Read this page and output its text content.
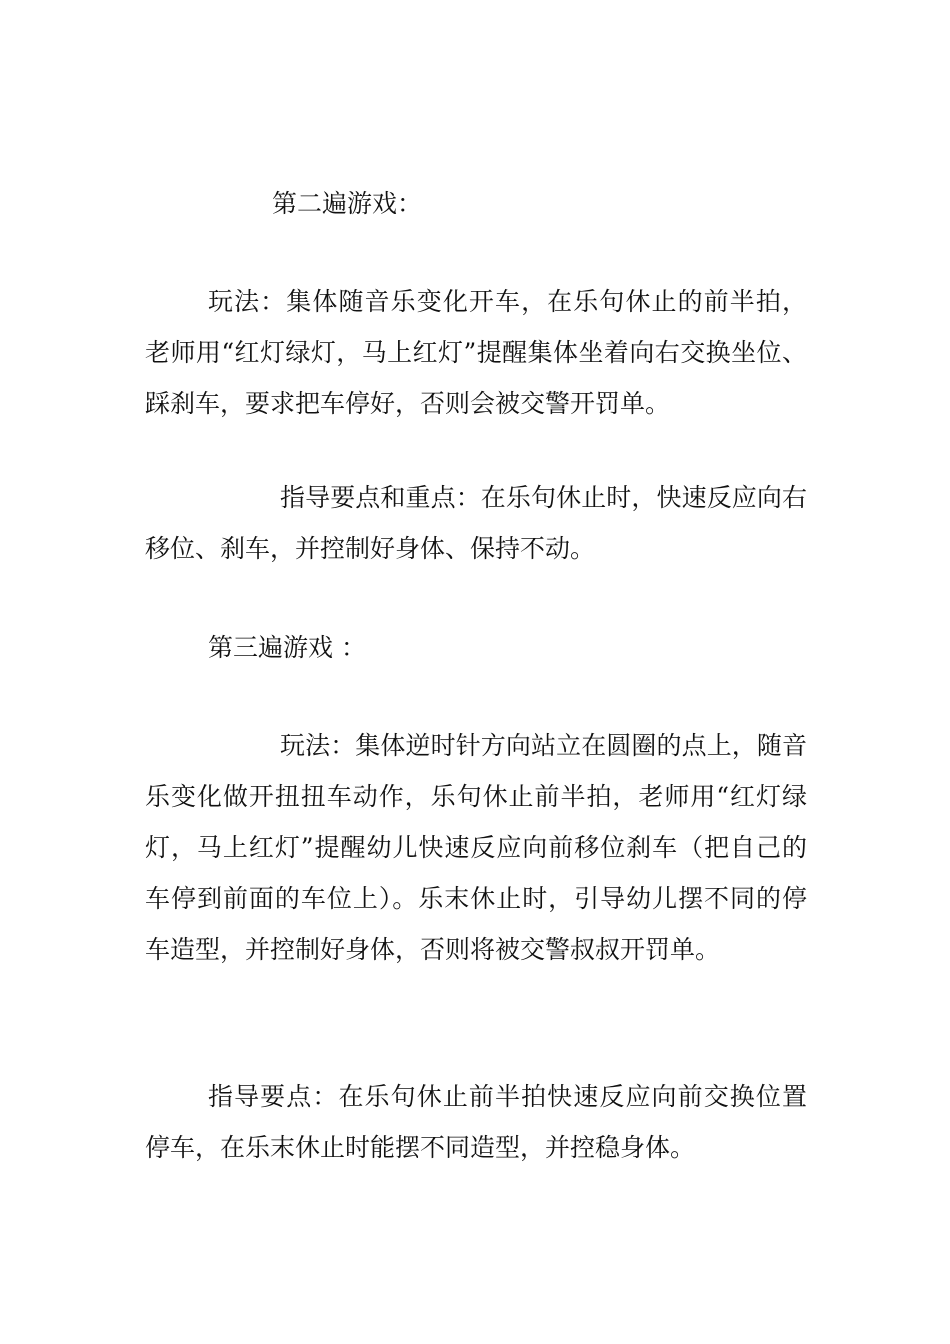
第二遍游戏：

玩法：集体随音乐变化开车，在乐句休止的前半拍，老师用“红灯绿灯，马上红灯”提醒集体坐着向右交换坐位、踩刹车，要求把车停好，否则会被交警开罚单。

指导要点和重点：在乐句休止时，快速反应向右移位、刹车，并控制好身体、保持不动。

第三遍游戏 ：

玩法：集体逆时针方向站立在圆圈的点上，随音乐变化做开扭扭车动作，乐句休止前半拍，老师用“红灯绿灯，马上红灯”提醒幼儿快速反应向前移位刹车（把自己的车停到前面的车位上）。乐末休止时，引导幼儿摆不同的停车造型，并控制好身体，否则将被交警叔叔开罚单。

指导要点：在乐句休止前半拍快速反应向前交换位置停车，在乐末休止时能摆不同造型，并控稳身体。
